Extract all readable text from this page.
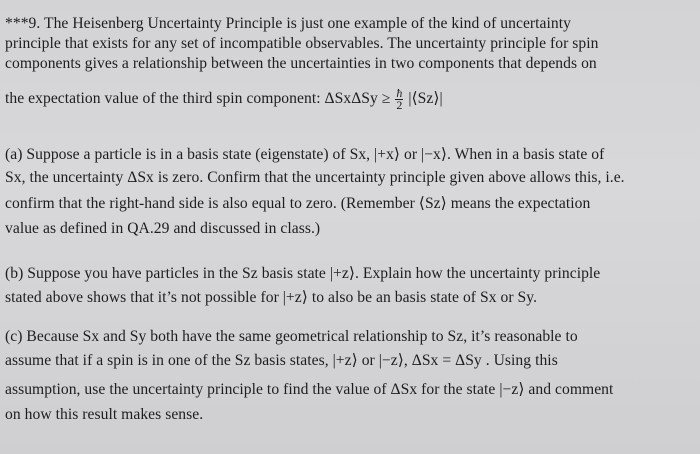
***9. The Heisenberg Uncertainty Principle is just one example of the kind of uncertainty
principle that exists for any set of incompatible observables. The uncertainty principle for spin
components gives a relationship between the uncertainties in two components that depends on
the expectation value of the third spin component: $\Delta Sx\Delta Sy \ge \frac{ħ}{2}$ |⟨Sz⟩|
(a) Suppose a particle is in a basis state (eigenstate) of Sx, |+x⟩ or |−x⟩. When in a basis state of
Sx, the uncertainty ΔSx is zero. Confirm that the uncertainty principle given above allows this, i.e.
confirm that the right-hand side is also equal to zero. (Remember ⟨Sz⟩ means the expectation
value as defined in QA.29 and discussed in class.)
(b) Suppose you have particles in the Sz basis state |+z⟩. Explain how the uncertainty principle
stated above shows that it’s not possible for |+z⟩ to also be an basis state of Sx or Sy.
(c) Because Sx and Sy both have the same geometrical relationship to Sz, it’s reasonable to
assume that if a spin is in one of the Sz basis states, |+z⟩ or |−z⟩, ΔSx = ΔSy . Using this
assumption, use the uncertainty principle to find the value of ΔSx for the state |−z⟩ and comment
on how this result makes sense.
